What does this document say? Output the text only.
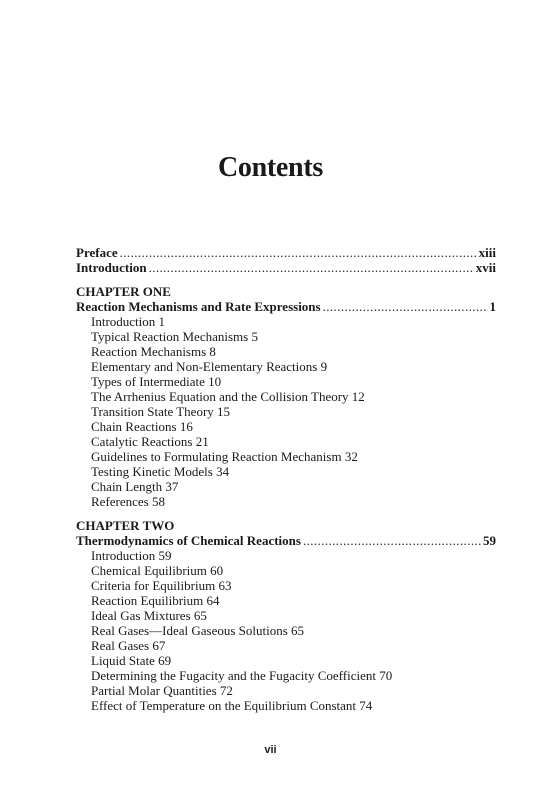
Contents
Preface .....	xiii
Introduction .....	xvii
CHAPTER ONE
Reaction Mechanisms and Rate Expressions .....	1
Introduction 1
Typical Reaction Mechanisms 5
Reaction Mechanisms 8
Elementary and Non-Elementary Reactions 9
Types of Intermediate 10
The Arrhenius Equation and the Collision Theory 12
Transition State Theory 15
Chain Reactions 16
Catalytic Reactions 21
Guidelines to Formulating Reaction Mechanism 32
Testing Kinetic Models 34
Chain Length 37
References 58
CHAPTER TWO
Thermodynamics of Chemical Reactions .....	59
Introduction 59
Chemical Equilibrium 60
Criteria for Equilibrium 63
Reaction Equilibrium 64
Ideal Gas Mixtures 65
Real Gases—Ideal Gaseous Solutions 65
Real Gases 67
Liquid State 69
Determining the Fugacity and the Fugacity Coefficient 70
Partial Molar Quantities 72
Effect of Temperature on the Equilibrium Constant 74
vii
